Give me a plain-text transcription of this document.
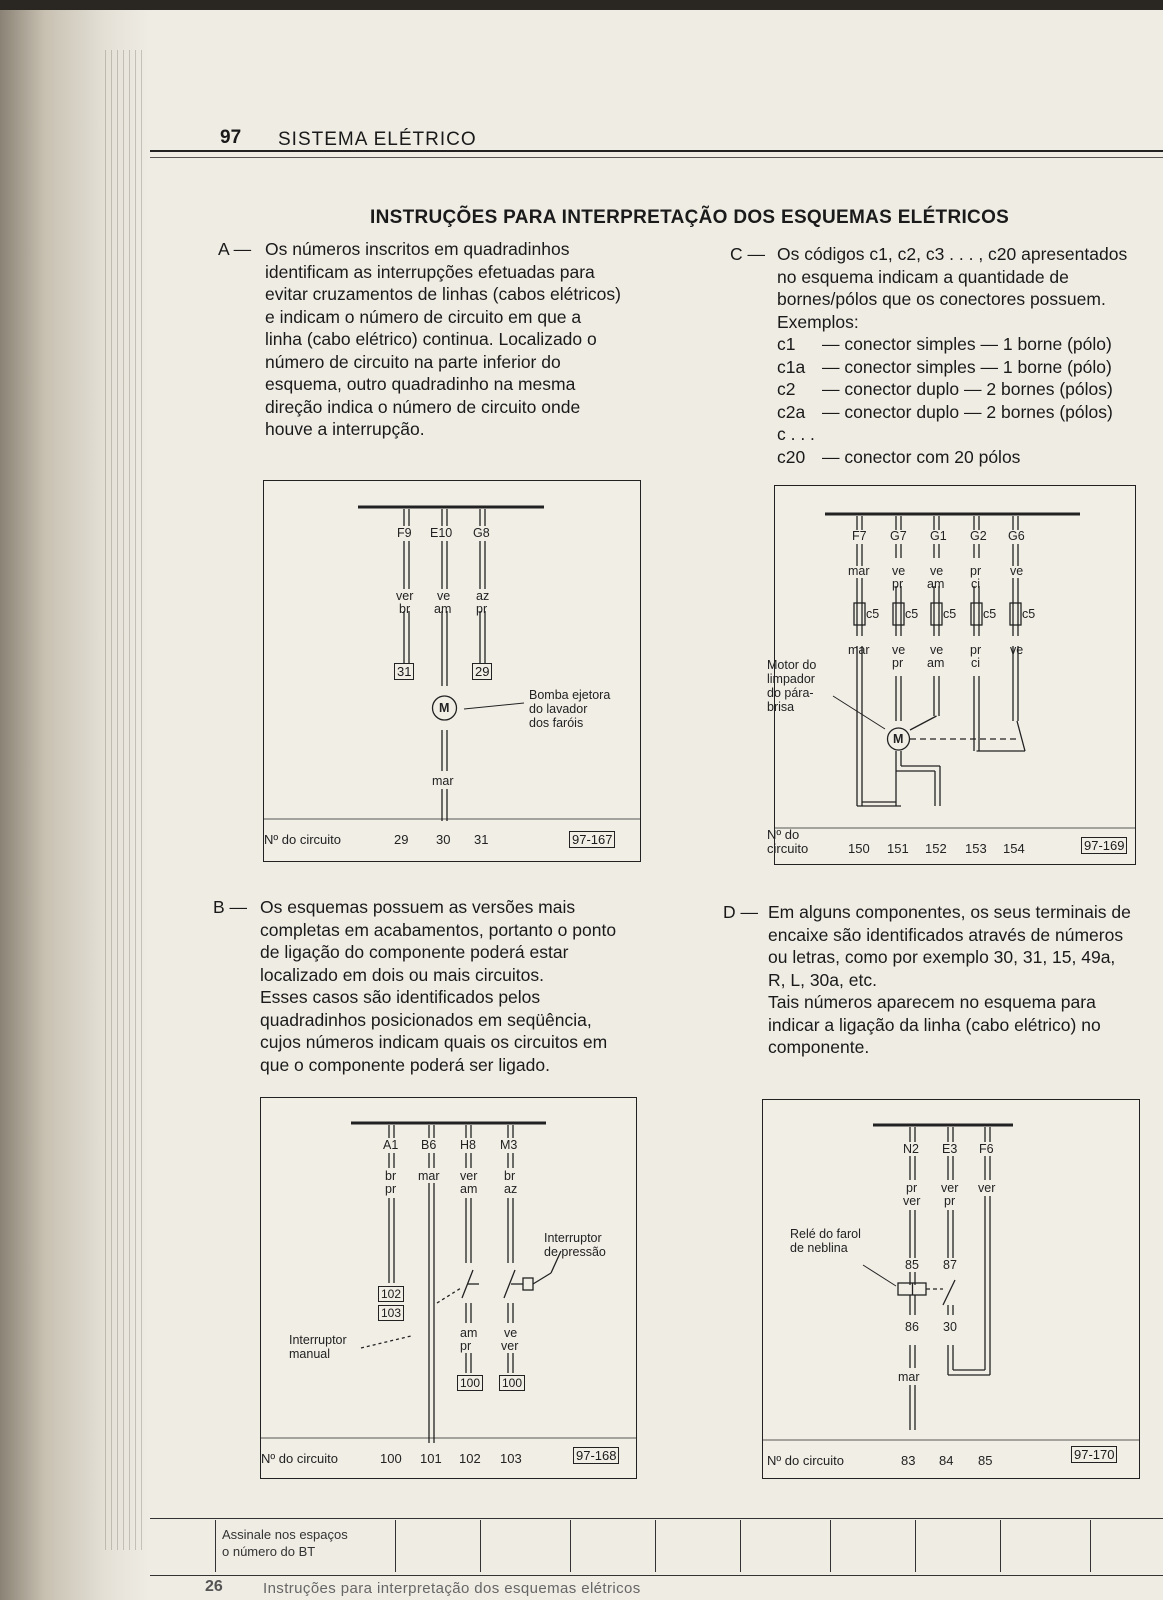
97 SISTEMA ELÉTRICO
INSTRUÇÕES PARA INTERPRETAÇÃO DOS ESQUEMAS ELÉTRICOS
A — Os números inscritos em quadradinhos
identificam as interrupções efetuadas para
evitar cruzamentos de linhas (cabos elétricos)
e indicam o número de circuito em que a
linha (cabo elétrico) continua. Localizado o
número de circuito na parte inferior do
esquema, outro quadradinho na mesma
direção indica o número de circuito onde
houve a interrupção.
C — Os códigos c1, c2, c3 . . . , c20 apresentados
no esquema indicam a quantidade de
bornes/pólos que os conectores possuem.
Exemplos:
c1 — conector simples — 1 borne (pólo)
c1a — conector simples — 1 borne (pólo)
c2 — conector duplo — 2 bornes (pólos)
c2a — conector duplo — 2 bornes (pólos)
c . . .
c20 — conector com 20 pólos
F9 E10 G8
ver
br
ve
am
az
pr
31	29
M
Bomba ejetora
do lavador
dos faróis
mar
Nº do circuito	29 30 31	97-167
F7 G7 G1 G2 G6
mar ve
pr
ve
am
pr
ci
ve
c5 c5 c5 c5 c5
mar ve
pr
ve
am
pr
ci
ve
M
Motor do
limpador
do pára-
brisa
Nº do
circuito	150 151 152 153 154	97-169
B — Os esquemas possuem as versões mais
completas em acabamentos, portanto o ponto
de ligação do componente poderá estar
localizado em dois ou mais circuitos.
Esses casos são identificados pelos
quadradinhos posicionados em seqüência,
cujos números indicam quais os circuitos em
que o componente poderá ser ligado.
D — Em alguns componentes, os seus terminais de
encaixe são identificados através de números
ou letras, como por exemplo 30, 31, 15, 49a,
R, L, 30a, etc.
Tais números aparecem no esquema para
indicar a ligação da linha (cabo elétrico) no
componente.
A1 B6 H8 M3
br
pr
mar ver
am
br
az
102
103
Interruptor
de pressão
Interruptor
manual
am
pr
ve
ver
100 100
Nº do circuito	100 101 102 103	97-168
N2 E3 F6
pr
ver
ver
pr
ver
Relé do farol
de neblina
85 87
86 30
mar
Nº do circuito	83 84 85	97-170
Assinale nos espaços
o número do BT
26	Instruções para interpretação dos esquemas elétricos
